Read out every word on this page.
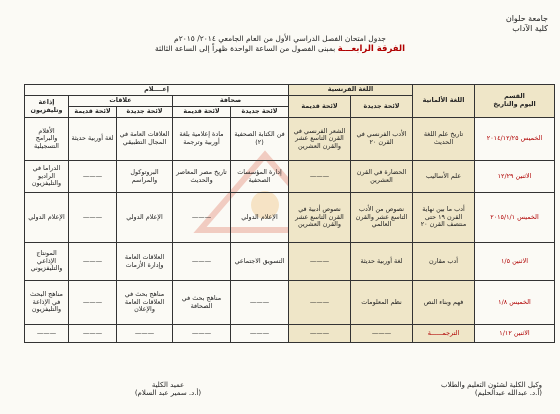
جامعة حلوان
كلية الآداب
جدول امتحان الفصل الدراسي الأول من العام الجامعي ٢٠١٤/ ٢٠١٥م
الفرقة الرابعـــة بمبنى الفصول من الساعة الواحدة ظهراً إلى الساعة الثالثة
القسم
اليوم والتاريخ	اللغة الألمانية	اللغة الفرنسية		إعــــلام				
		لائحة جديدة	لائحة قديمة	صحافة		علاقات		إذاعة وتليفزيون
				لائحة جديدة	لائحة قديمة	لائحة جديدة	لائحة قديمة	
الخميس ٢٠١٤/١٢/٢٥	تاريخ علم اللغة الحديث	الأدب الفرنسي في القرن ٢٠	الشعر الفرنسي في القرن التاسع عشر والقرن العشرين	فن الكتابة الصحفية (٢)	مادة إعلامية بلغة أوربية وترجمة	العلاقات العامة في المجال التطبيقي	لغة أوربية حديثة	الأفلام والبرامج التسجيلية
الاثنين ١٢/٢٩	علم الأساليب	الحضارة في القرن العشرين	———	إدارة المؤسسات الصحفية	تاريخ مصر المعاصر والحديث	البروتوكول والمراسم	———	الدراما في الراديو والتليفزيون
الخميس ٢٠١٥/١/١	أدب ما بين نهاية القرن ١٩ حتى منتصف القرن ٢٠	نصوص من الأدب التاسع عشر والقرن العالمي	نصوص أدبية في القرن التاسع عشر والقرن العشرين	الإعلام الدولي	———	الإعلام الدولي	———	الإعلام الدولي
الاثنين ١/٥	أدب مقارن	لغة أوربية حديثة	———	التسويق الاجتماعي	———	العلاقات العامة وإدارة الأزمات	———	المونتاج الإذاعي والتليفزيوني
الخميس ١/٨	فهم وبناء النص	نظم المعلومات	———	———	مناهج بحث في الصحافة	مناهج بحث في العلاقات العامة والإعلان	———	مناهج البحث في الإذاعة والتليفزيون
الاثنين ١/١٢	الترجمــــــة	———	———	———	———	———	———	———
وكيل الكلية لشئون التعليم والطلاب
(أ.د. عبدالله عبدالحليم)
عميد الكلية
(أ.د. سمير عبد السلام)
